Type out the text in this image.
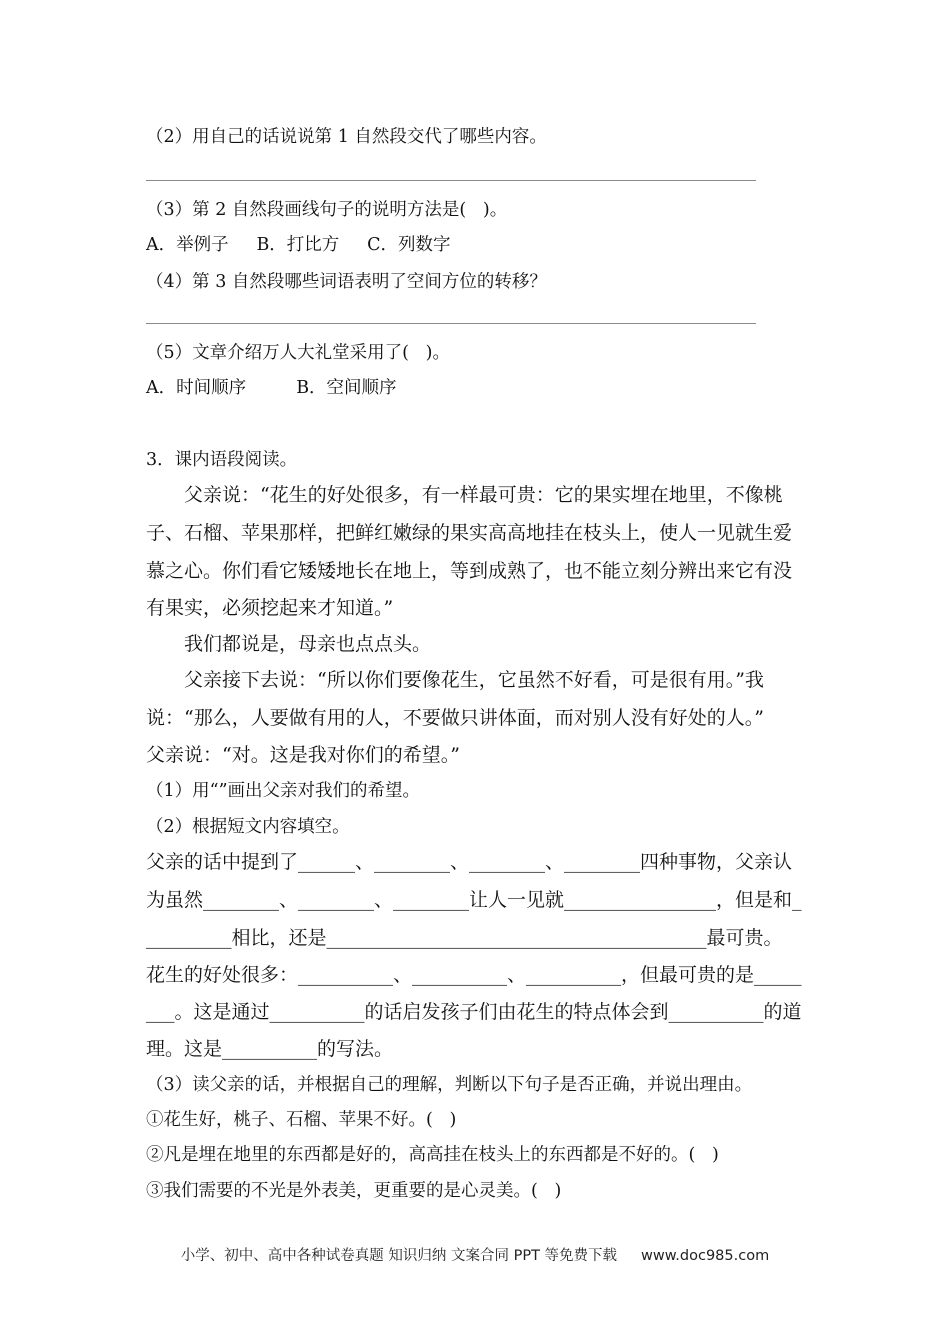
（2）用自己的话说说第 1 自然段交代了哪些内容。
（3）第 2 自然段画线句子的说明方法是(   )。
A．举例子     B．打比方     C．列数字
（4）第 3 自然段哪些词语表明了空间方位的转移？
（5）文章介绍万人大礼堂采用了(   )。
A．时间顺序         B．空间顺序
3．课内语段阅读。
父亲说：“花生的好处很多，有一样最可贵：它的果实埋在地里，不像桃
子、石榴、苹果那样，把鲜红嫩绿的果实高高地挂在枝头上，使人一见就生爱
慕之心。你们看它矮矮地长在地上，等到成熟了，也不能立刻分辨出来它有没
有果实，必须挖起来才知道。”
我们都说是，母亲也点点头。
父亲接下去说：“所以你们要像花生，它虽然不好看，可是很有用。”我
说：“那么，人要做有用的人，不要做只讲体面，而对别人没有好处的人。”
父亲说：“对。这是我对你们的希望。”
（1）用“”画出父亲对我们的希望。
（2）根据短文内容填空。
父亲的话中提到了______、________、________、________四种事物，父亲认
为虽然________、________、________让人一见就________________，但是和_
_________相比，还是________________________________________最可贵。
花生的好处很多：__________、__________、__________，但最可贵的是_____
___。这是通过__________的话启发孩子们由花生的特点体会到__________的道
理。这是__________的写法。
（3）读父亲的话，并根据自己的理解，判断以下句子是否正确，并说出理由。
①花生好，桃子、石榴、苹果不好。(   )
②凡是埋在地里的东西都是好的，高高挂在枝头上的东西都是不好的。(   )
③我们需要的不光是外表美，更重要的是心灵美。(   )
小学、初中、高中各种试卷真题 知识归纳 文案合同 PPT 等免费下载 www.doc985.com
